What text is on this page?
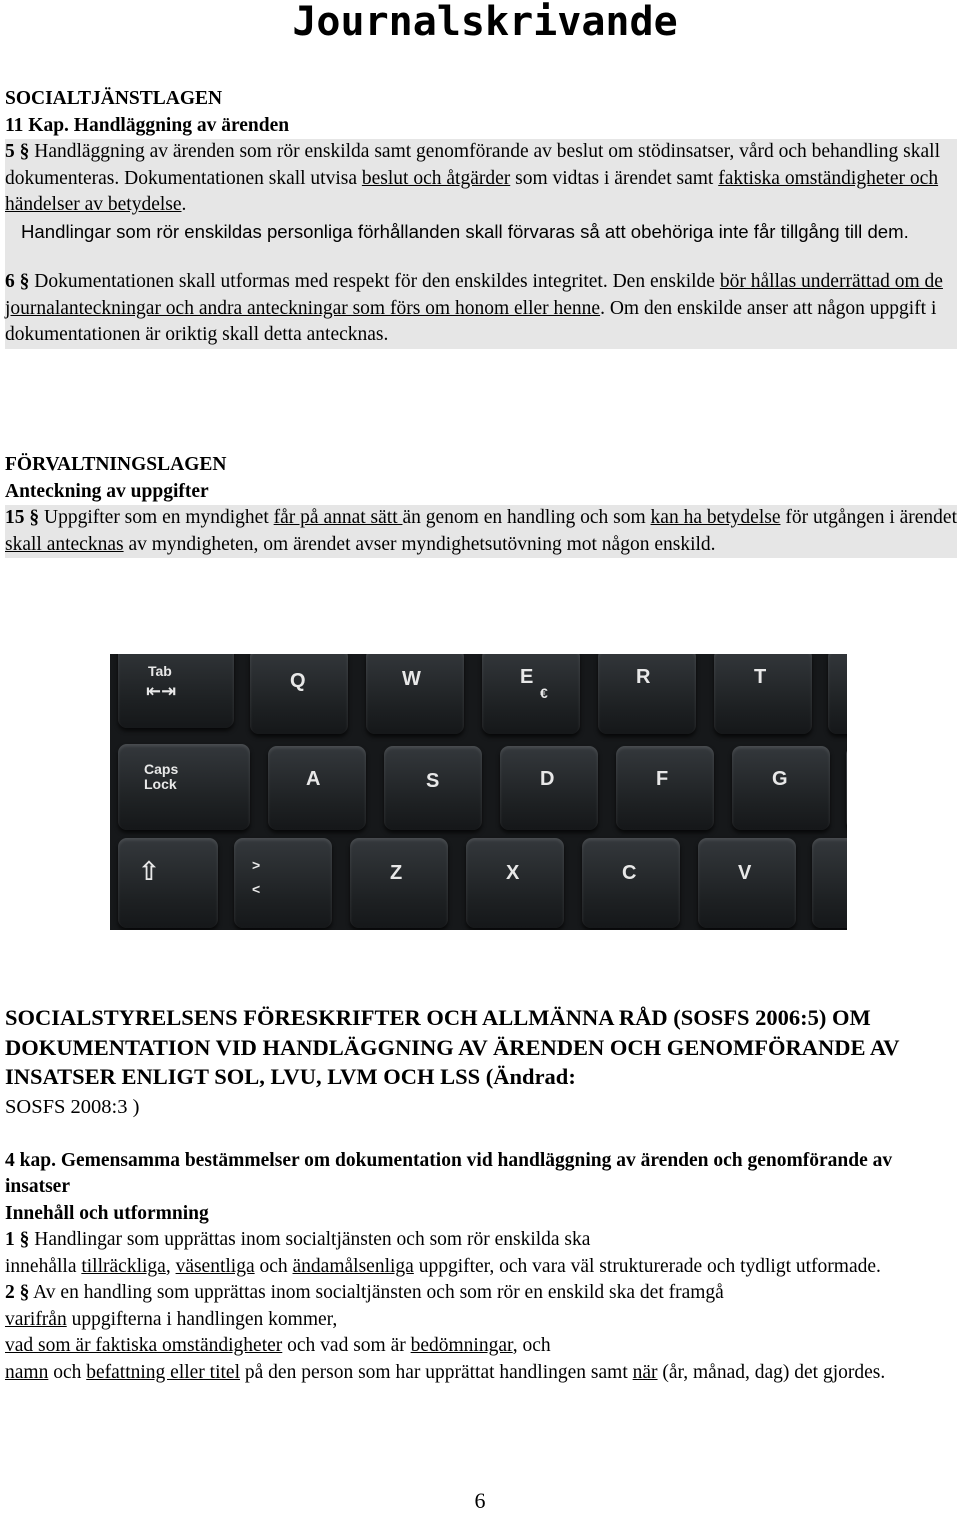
Journalskrivande

SOCIALTJÄNSTLAGEN

11 Kap. Handläggning av ärenden

5 § Handläggning av ärenden som rör enskilda samt genomförande av beslut om stödinsatser, vård och behandling skall dokumenteras. Dokumentationen skall utvisa beslut och åtgärder som vidtas i ärendet samt faktiska omständigheter och händelser av betydelse.

Handlingar som rör enskildas personliga förhållanden skall förvaras så att obehöriga inte får tillgång till dem.

6 § Dokumentationen skall utformas med respekt för den enskildes integritet. Den enskilde bör hållas underrättad om de journalanteckningar och andra anteckningar som förs om honom eller henne. Om den enskilde anser att någon uppgift i dokumentationen är oriktig skall detta antecknas.

FÖRVALTNINGSLAGEN

Anteckning av uppgifter

15 § Uppgifter som en myndighet får på annat sätt än genom en handling och som kan ha betydelse för utgången i ärendet skall antecknas av myndigheten, om ärendet avser myndighetsutövning mot någon enskild.

Tab
⇤⇥	Q	W	E
€
R	T
Caps Lock	A	S	D	F	G
⇧	>
<
Z	X	C	V

SOCIALSTYRELSENS FÖRESKRIFTER OCH ALLMÄNNA RÅD (SOSFS 2006:5) OM DOKUMENTATION VID HANDLÄGGNING AV ÄRENDEN OCH GENOMFÖRANDE AV INSATSER ENLIGT SOL, LVU, LVM OCH LSS (Ändrad:

SOSFS 2008:3 )

4 kap. Gemensamma bestämmelser om dokumentation vid handläggning av ärenden och genomförande av insatser

Innehåll och utformning

1 § Handlingar som upprättas inom socialtjänsten och som rör enskilda ska

innehålla tillräckliga, väsentliga och ändamålsenliga uppgifter, och vara väl strukturerade och tydligt utformade.

2 § Av en handling som upprättas inom socialtjänsten och som rör en enskild ska det framgå

varifrån uppgifterna i handlingen kommer,

vad som är faktiska omständigheter och vad som är bedömningar, och

namn och befattning eller titel på den person som har upprättat handlingen samt när (år, månad, dag) det gjordes.

6
